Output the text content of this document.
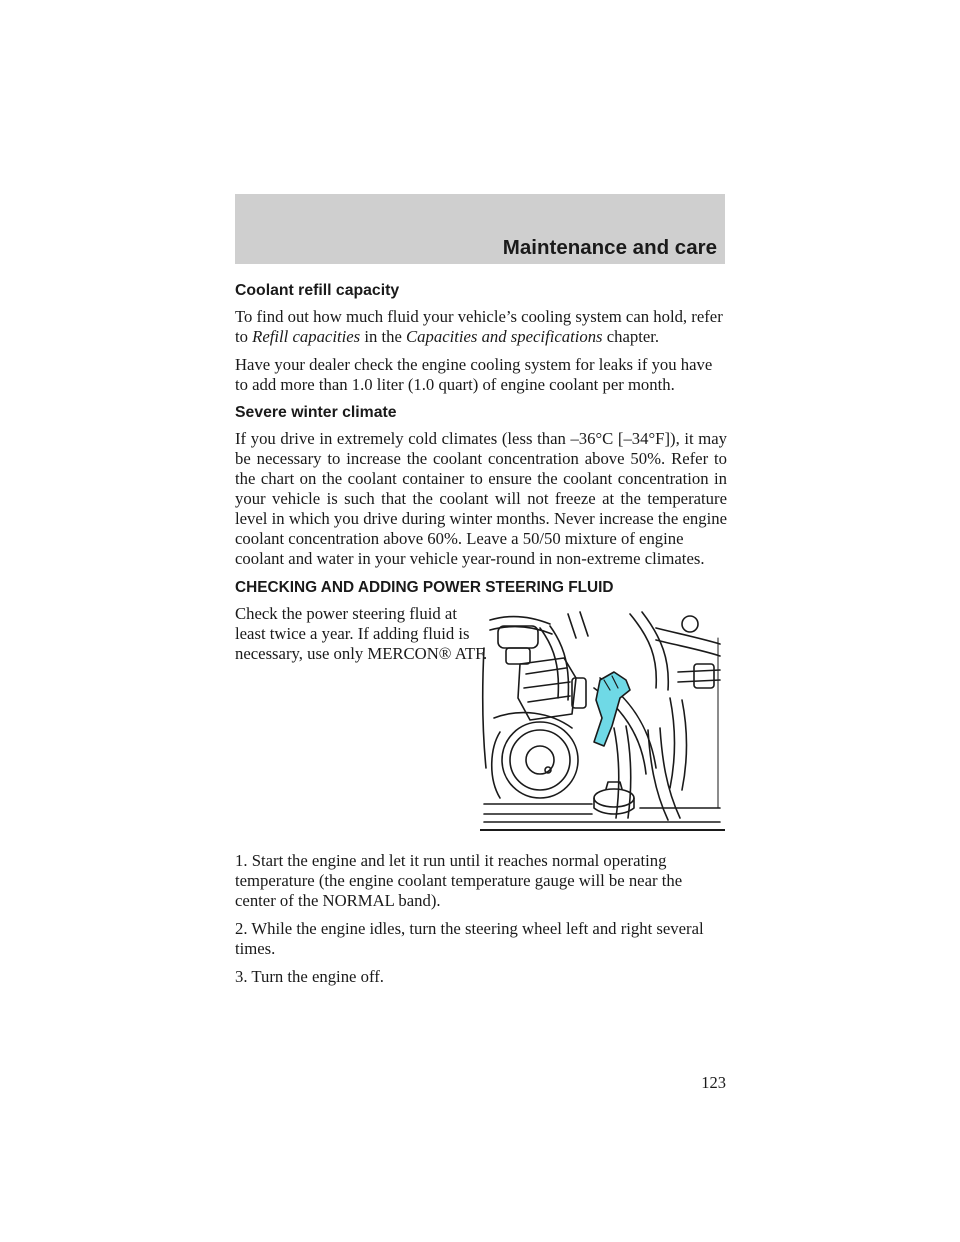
Maintenance and care
Coolant refill capacity

To find out how much fluid your vehicle’s cooling system can hold, refer
to Refill capacities in the Capacities and specifications chapter.

Have your dealer check the engine cooling system for leaks if you have
to add more than 1.0 liter (1.0 quart) of engine coolant per month.

Severe winter climate

If you drive in extremely cold climates (less than –36°C [–34°F]), it may
be necessary to increase the coolant concentration above 50%. Refer to
the chart on the coolant container to ensure the coolant concentration in
your vehicle is such that the coolant will not freeze at the temperature
level in which you drive during winter months. Never increase the engine
coolant concentration above 60%. Leave a 50/50 mixture of engine
coolant and water in your vehicle year-round in non-extreme climates.

CHECKING AND ADDING POWER STEERING FLUID

Check the power steering fluid at
least twice a year. If adding fluid is
necessary, use only MERCON® ATF.

1. Start the engine and let it run until it reaches normal operating
temperature (the engine coolant temperature gauge will be near the
center of the NORMAL band).

2. While the engine idles, turn the steering wheel left and right several
times.

3. Turn the engine off.

123
